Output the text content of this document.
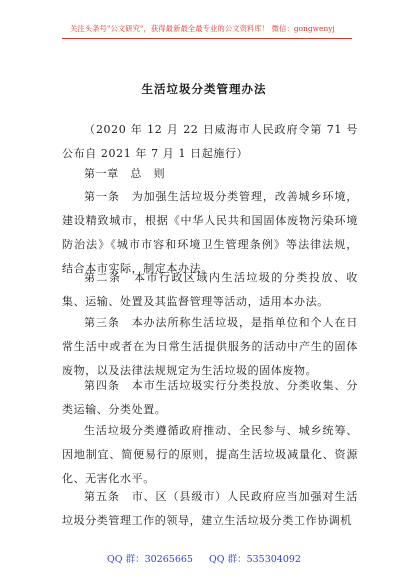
关注头条号"公文研究"，获得最新最全最专业的公文资料库！ 微信：gongwenyj
生活垃圾分类管理办法
（2020 年 12 月 22 日威海市人民政府令第 71 号公布自 2021 年 7 月 1 日起施行）
第一章　总　则
第一条　为加强生活垃圾分类管理，改善城乡环境，建设精致城市，根据《中华人民共和国固体废物污染环境防治法》《城市市容和环境卫生管理条例》等法律法规，结合本市实际，制定本办法。
第二条　本市行政区域内生活垃圾的分类投放、收集、运输、处置及其监督管理等活动，适用本办法。
第三条　本办法所称生活垃圾，是指单位和个人在日常生活中或者在为日常生活提供服务的活动中产生的固体废物，以及法律法规规定为生活垃圾的固体废物。
第四条　本市生活垃圾实行分类投放、分类收集、分类运输、分类处置。
生活垃圾分类遵循政府推动、全民参与、城乡统筹、因地制宜、简便易行的原则，提高生活垃圾减量化、资源化、无害化水平。
第五条　市、区（县级市）人民政府应当加强对生活垃圾分类管理工作的领导，建立生活垃圾分类工作协调机
QQ 群：30265665 QQ 群：535304092
